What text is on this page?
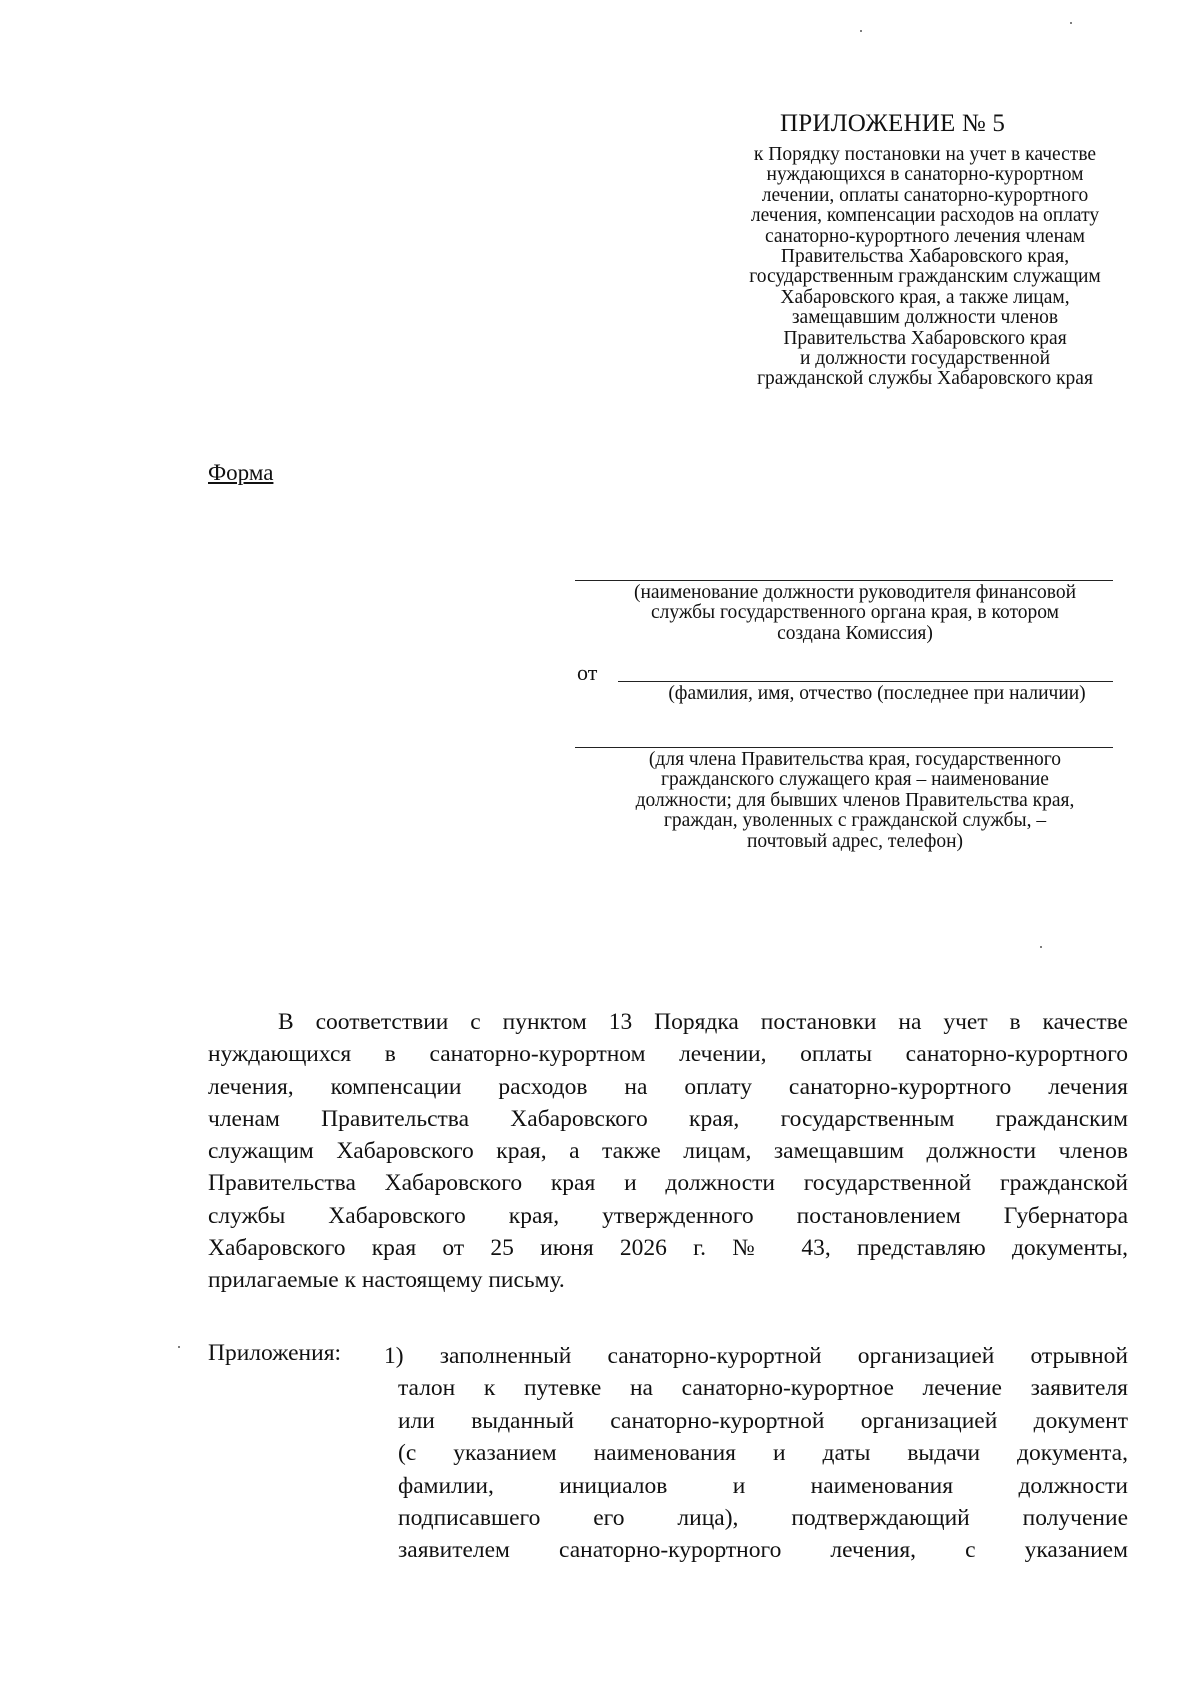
ПРИЛОЖЕНИЕ № 5
к Порядку постановки на учет в качестве
нуждающихся в санаторно-курортном
лечении, оплаты санаторно-курортного
лечения, компенсации расходов на оплату
санаторно-курортного лечения членам
Правительства Хабаровского края,
государственным гражданским служащим
Хабаровского края, а также лицам,
замещавшим должности членов
Правительства Хабаровского края
и должности государственной
гражданской службы Хабаровского края
Форма
(наименование должности руководителя финансовой
службы государственного органа края, в котором
создана Комиссия)
от
(фамилия, имя, отчество (последнее при наличии)
(для члена Правительства края, государственного
гражданского служащего края – наименование
должности; для бывших членов Правительства края,
граждан, уволенных с гражданской службы, –
почтовый адрес, телефон)
В соответствии с пунктом 13 Порядка постановки на учет в качестве
нуждающихся в санаторно-курортном лечении, оплаты санаторно-курортного
лечения, компенсации расходов на оплату санаторно-курортного лечения
членам Правительства Хабаровского края, государственным гражданским
служащим Хабаровского края, а также лицам, замещавшим должности членов
Правительства Хабаровского края и должности государственной гражданской
службы Хабаровского края, утвержденного постановлением Губернатора
Хабаровского края от 25 июня 2026 г. № 43, представляю документы,
прилагаемые к настоящему письму.
Приложения: 1) заполненный санаторно-курортной организацией отрывной
талон к путевке на санаторно-курортное лечение заявителя
или выданный санаторно-курортной организацией документ
(с указанием наименования и даты выдачи документа,
фамилии, инициалов и наименования должности
подписавшего его лица), подтверждающий получение
заявителем санаторно-курортного лечения, с указанием
